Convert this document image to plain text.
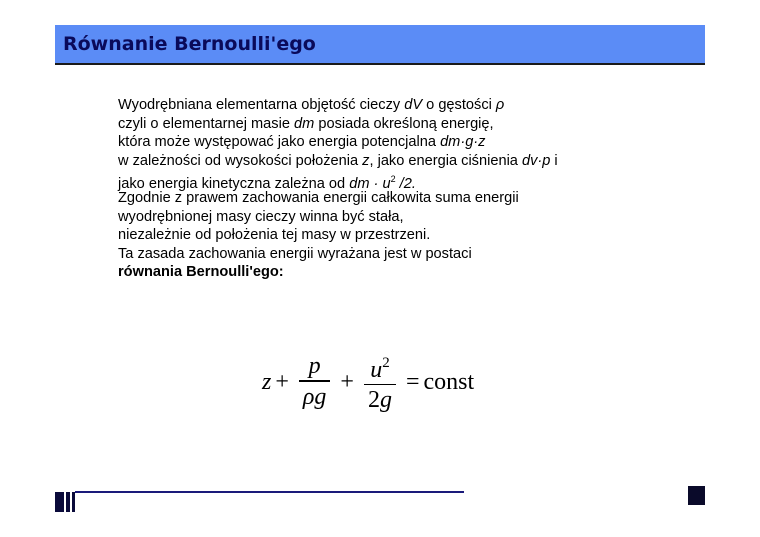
Równanie Bernoulli'ego
Wyodrębniana elementarna objętość cieczy dV o gęstości ρ
czyli o elementarnej masie dm posiada określoną energię,
która może występować jako energia potencjalna dm·g·z
w zależności od wysokości położenia z, jako energia ciśnienia dv·p i
jako energia kinetyczna zależna od dm · $u^2$ /2.
Zgodnie z prawem zachowania energii całkowita suma energii
wyodrębnionej masy cieczy winna być stała,
niezależnie od położenia tej masy w przestrzeni.
Ta zasada zachowania energii wyrażana jest w postaci
równania Bernoulli'ego:
$z + \frac{p}{\rho g} + \frac{u^2}{2g}$ = const
